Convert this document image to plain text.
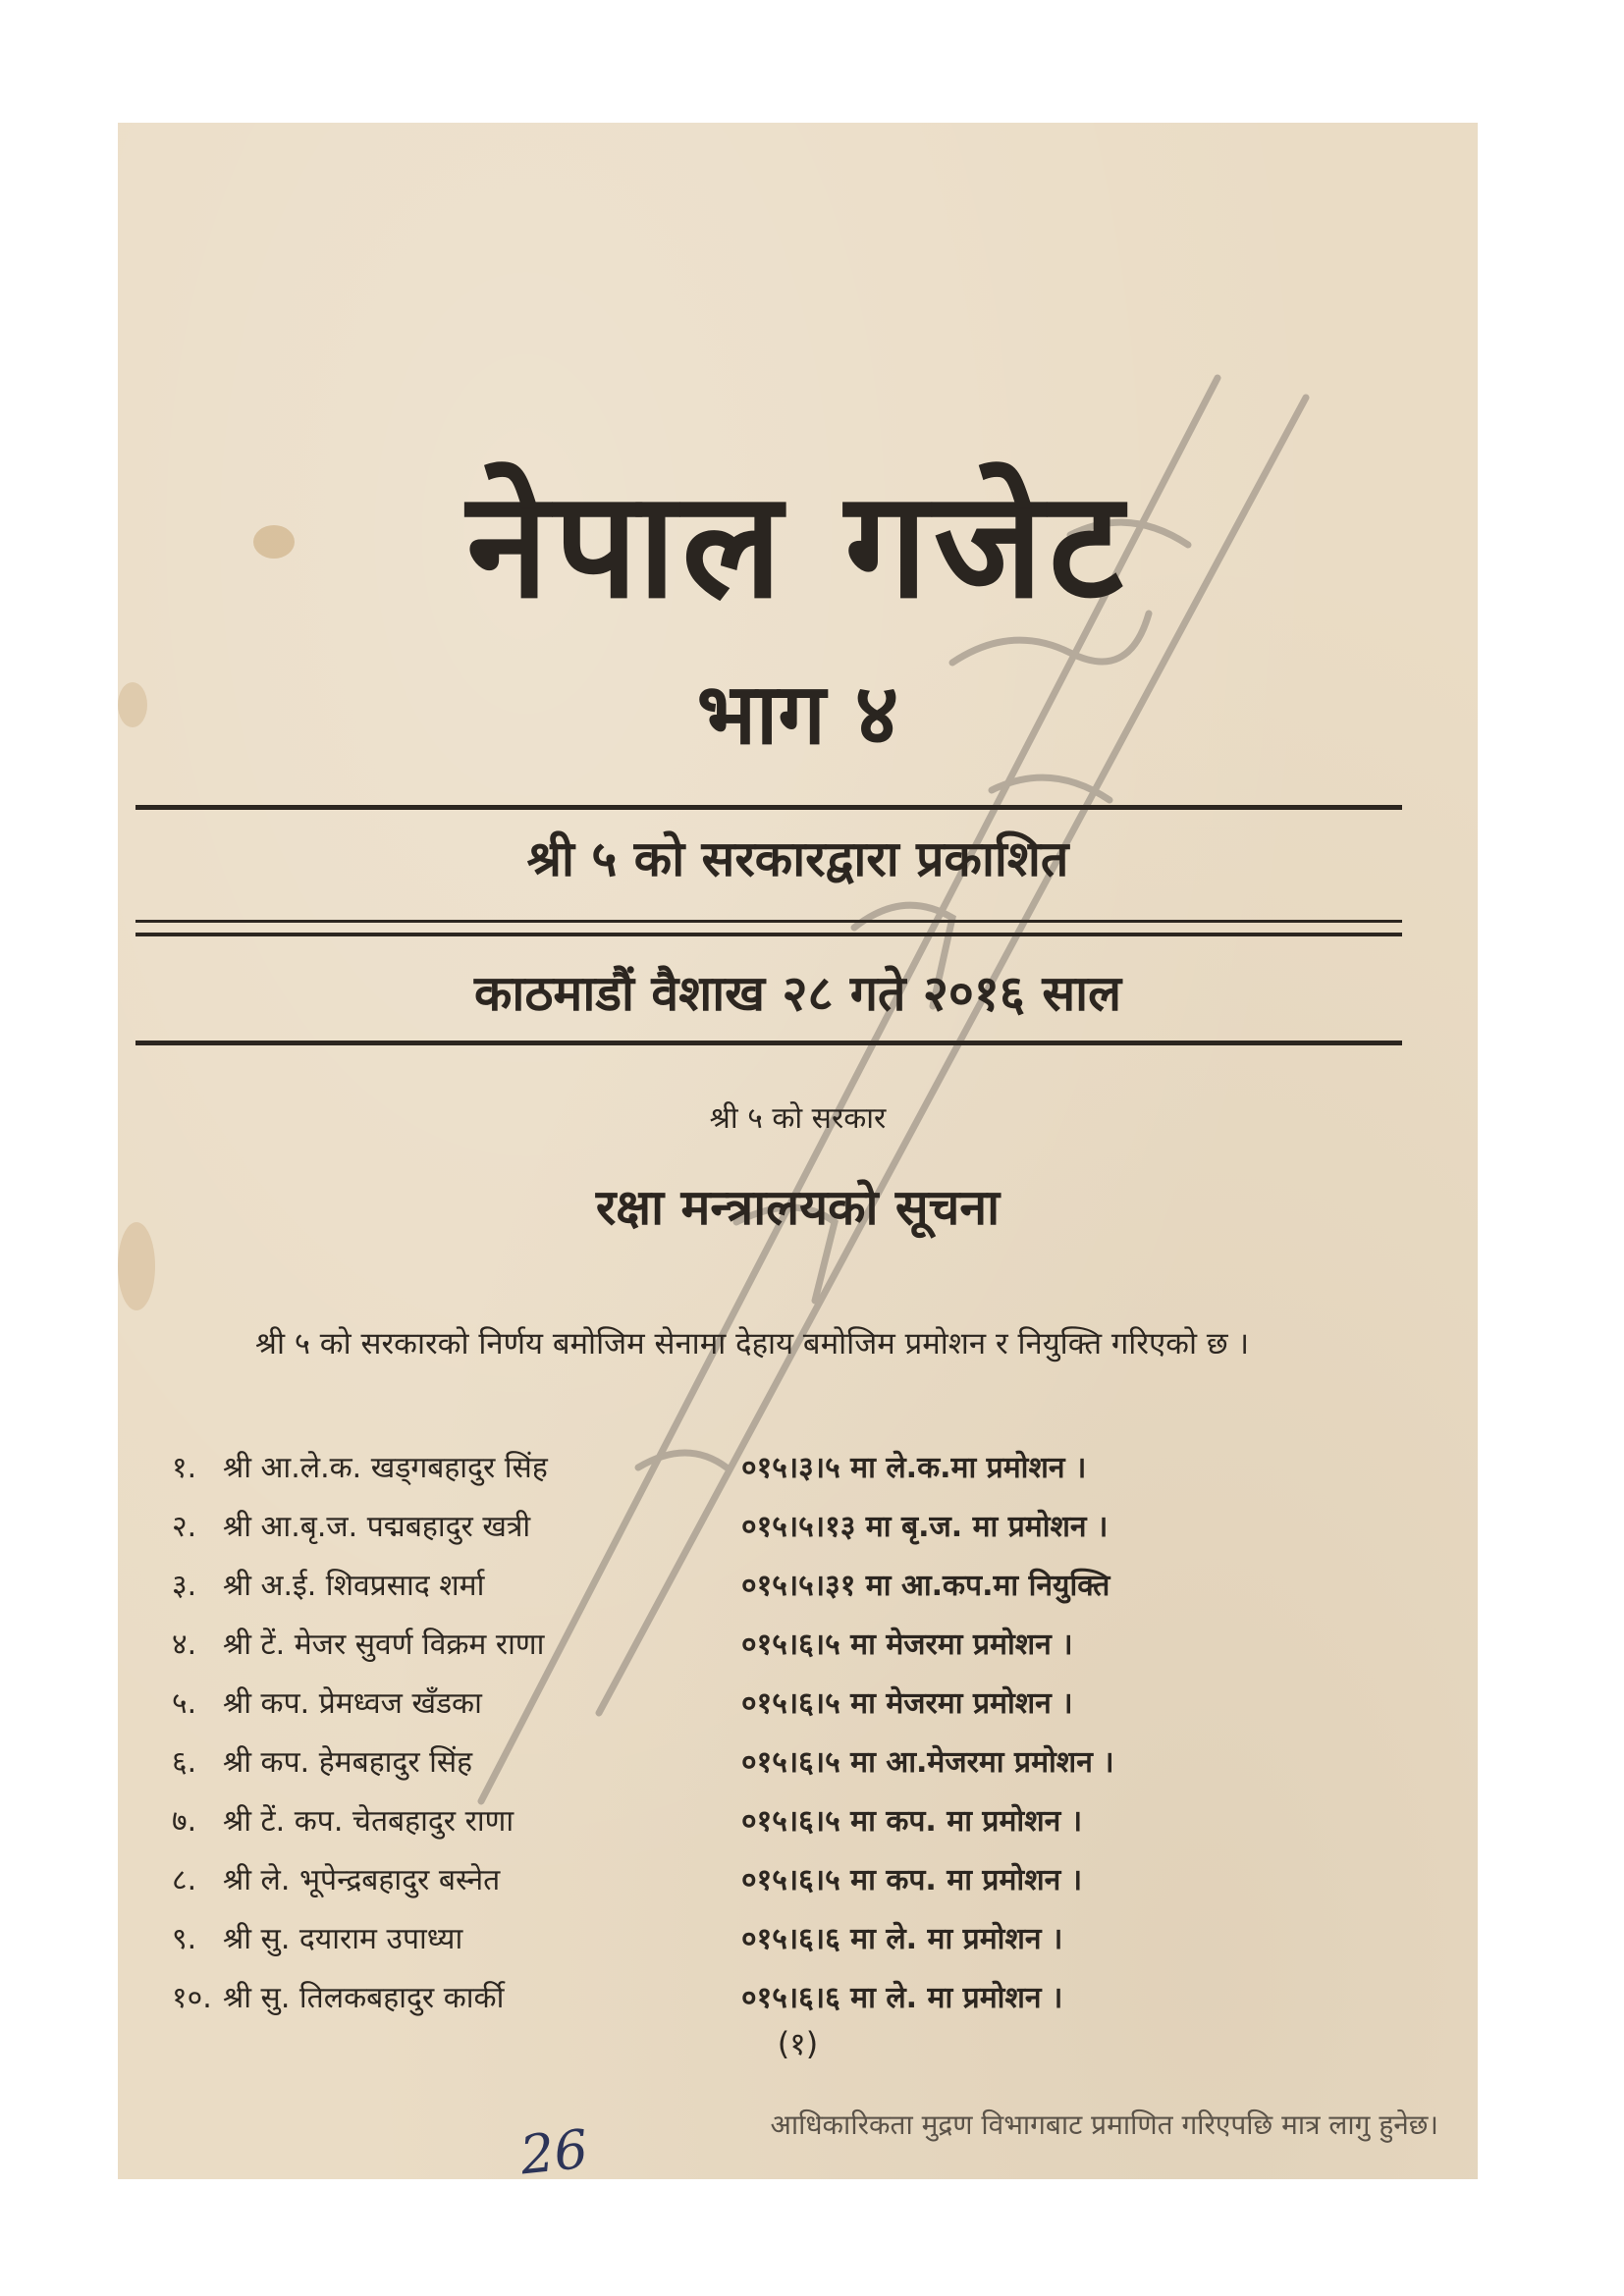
नेपाल गजेट
भाग ४
श्री ५ को सरकारद्वारा प्रकाशित
काठमाडौं वैशाख २८ गते २०१६ साल
श्री ५ को सरकार
रक्षा मन्त्रालयको सूचना
श्री ५ को सरकारको निर्णय बमोजिम सेनामा देहाय बमोजिम प्रमोशन र नियुक्ति गरिएको छ ।
१. श्री आ.ले.क. खड्गबहादुर सिंह	०१५।३।५ मा ले.क.मा प्रमोशन ।
२. श्री आ.बृ.ज. पद्मबहादुर खत्री	०१५।५।१३ मा बृ.ज. मा प्रमोशन ।
३. श्री अ.ई. शिवप्रसाद शर्मा	०१५।५।३१ मा आ.कप.मा नियुक्ति
४. श्री टें. मेजर सुवर्ण विक्रम राणा	०१५।६।५ मा मेजरमा प्रमोशन ।
५. श्री कप. प्रेमध्वज खँडका	०१५।६।५ मा मेजरमा प्रमोशन ।
६. श्री कप. हेमबहादुर सिंह	०१५।६।५ मा आ.मेजरमा प्रमोशन ।
७. श्री टें. कप. चेतबहादुर राणा	०१५।६।५ मा कप. मा प्रमोशन ।
८. श्री ले. भूपेन्द्रबहादुर बस्नेत	०१५।६।५ मा कप. मा प्रमोशन ।
९. श्री सु. दयाराम उपाध्या	०१५।६।६ मा ले. मा प्रमोशन ।
१०. श्री सु. तिलकबहादुर कार्की	०१५।६।६ मा ले. मा प्रमोशन ।
(१)
26	आधिकारिकता मुद्रण विभागबाट प्रमाणित गरिएपछि मात्र लागु हुनेछ।
